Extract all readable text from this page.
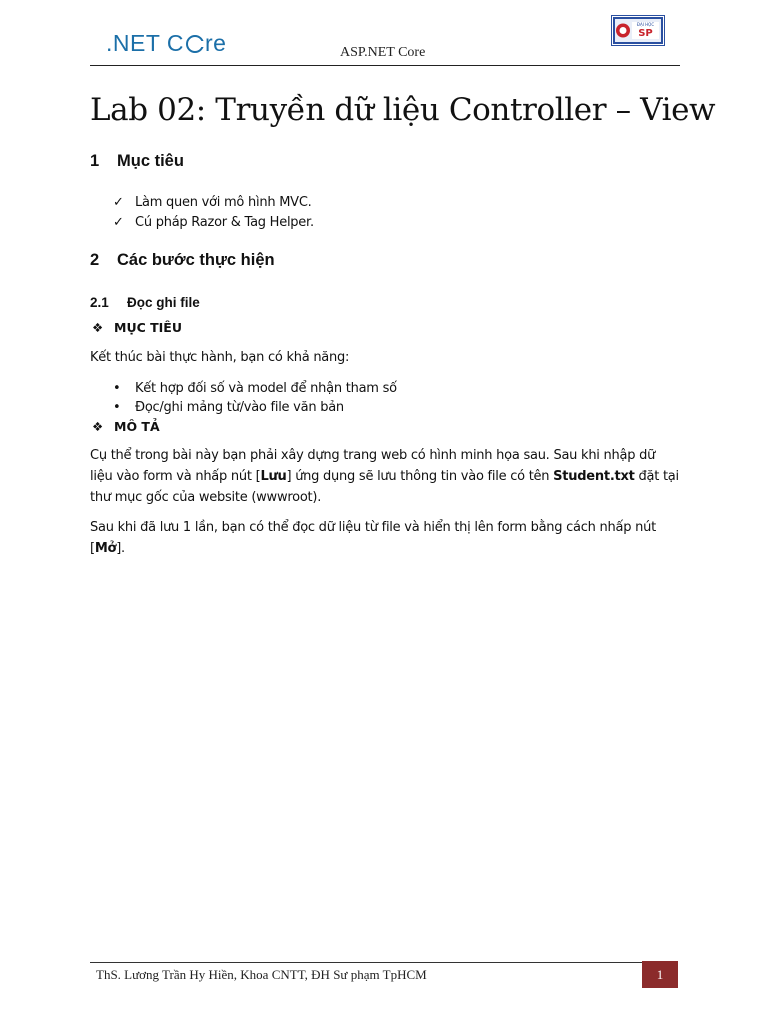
.NET C re	ASP.NET Core
ĐẠI HỌC
SP
Lab 02: Truyền dữ liệu Controller – View
1 Mục tiêu
✓ Làm quen với mô hình MVC.
✓ Cú pháp Razor & Tag Helper.
2 Các bước thực hiện
2.1 Đọc ghi file
❖ MỤC TIÊU
Kết thúc bài thực hành, bạn có khả năng:
• Kết hợp đối số và model để nhận tham số
• Đọc/ghi mảng từ/vào file văn bản
❖ MÔ TẢ
Cụ thể trong bài này bạn phải xây dựng trang web có hình minh họa sau. Sau khi nhập dữ liệu vào form và nhấp nút [Lưu] ứng dụng sẽ lưu thông tin vào file có tên Student.txt đặt tại thư mục gốc của website (wwwroot).
Sau khi đã lưu 1 lần, bạn có thể đọc dữ liệu từ file và hiển thị lên form bằng cách nhấp nút [Mở].
ThS. Lương Trần Hy Hiền, Khoa CNTT, ĐH Sư phạm TpHCM	1
